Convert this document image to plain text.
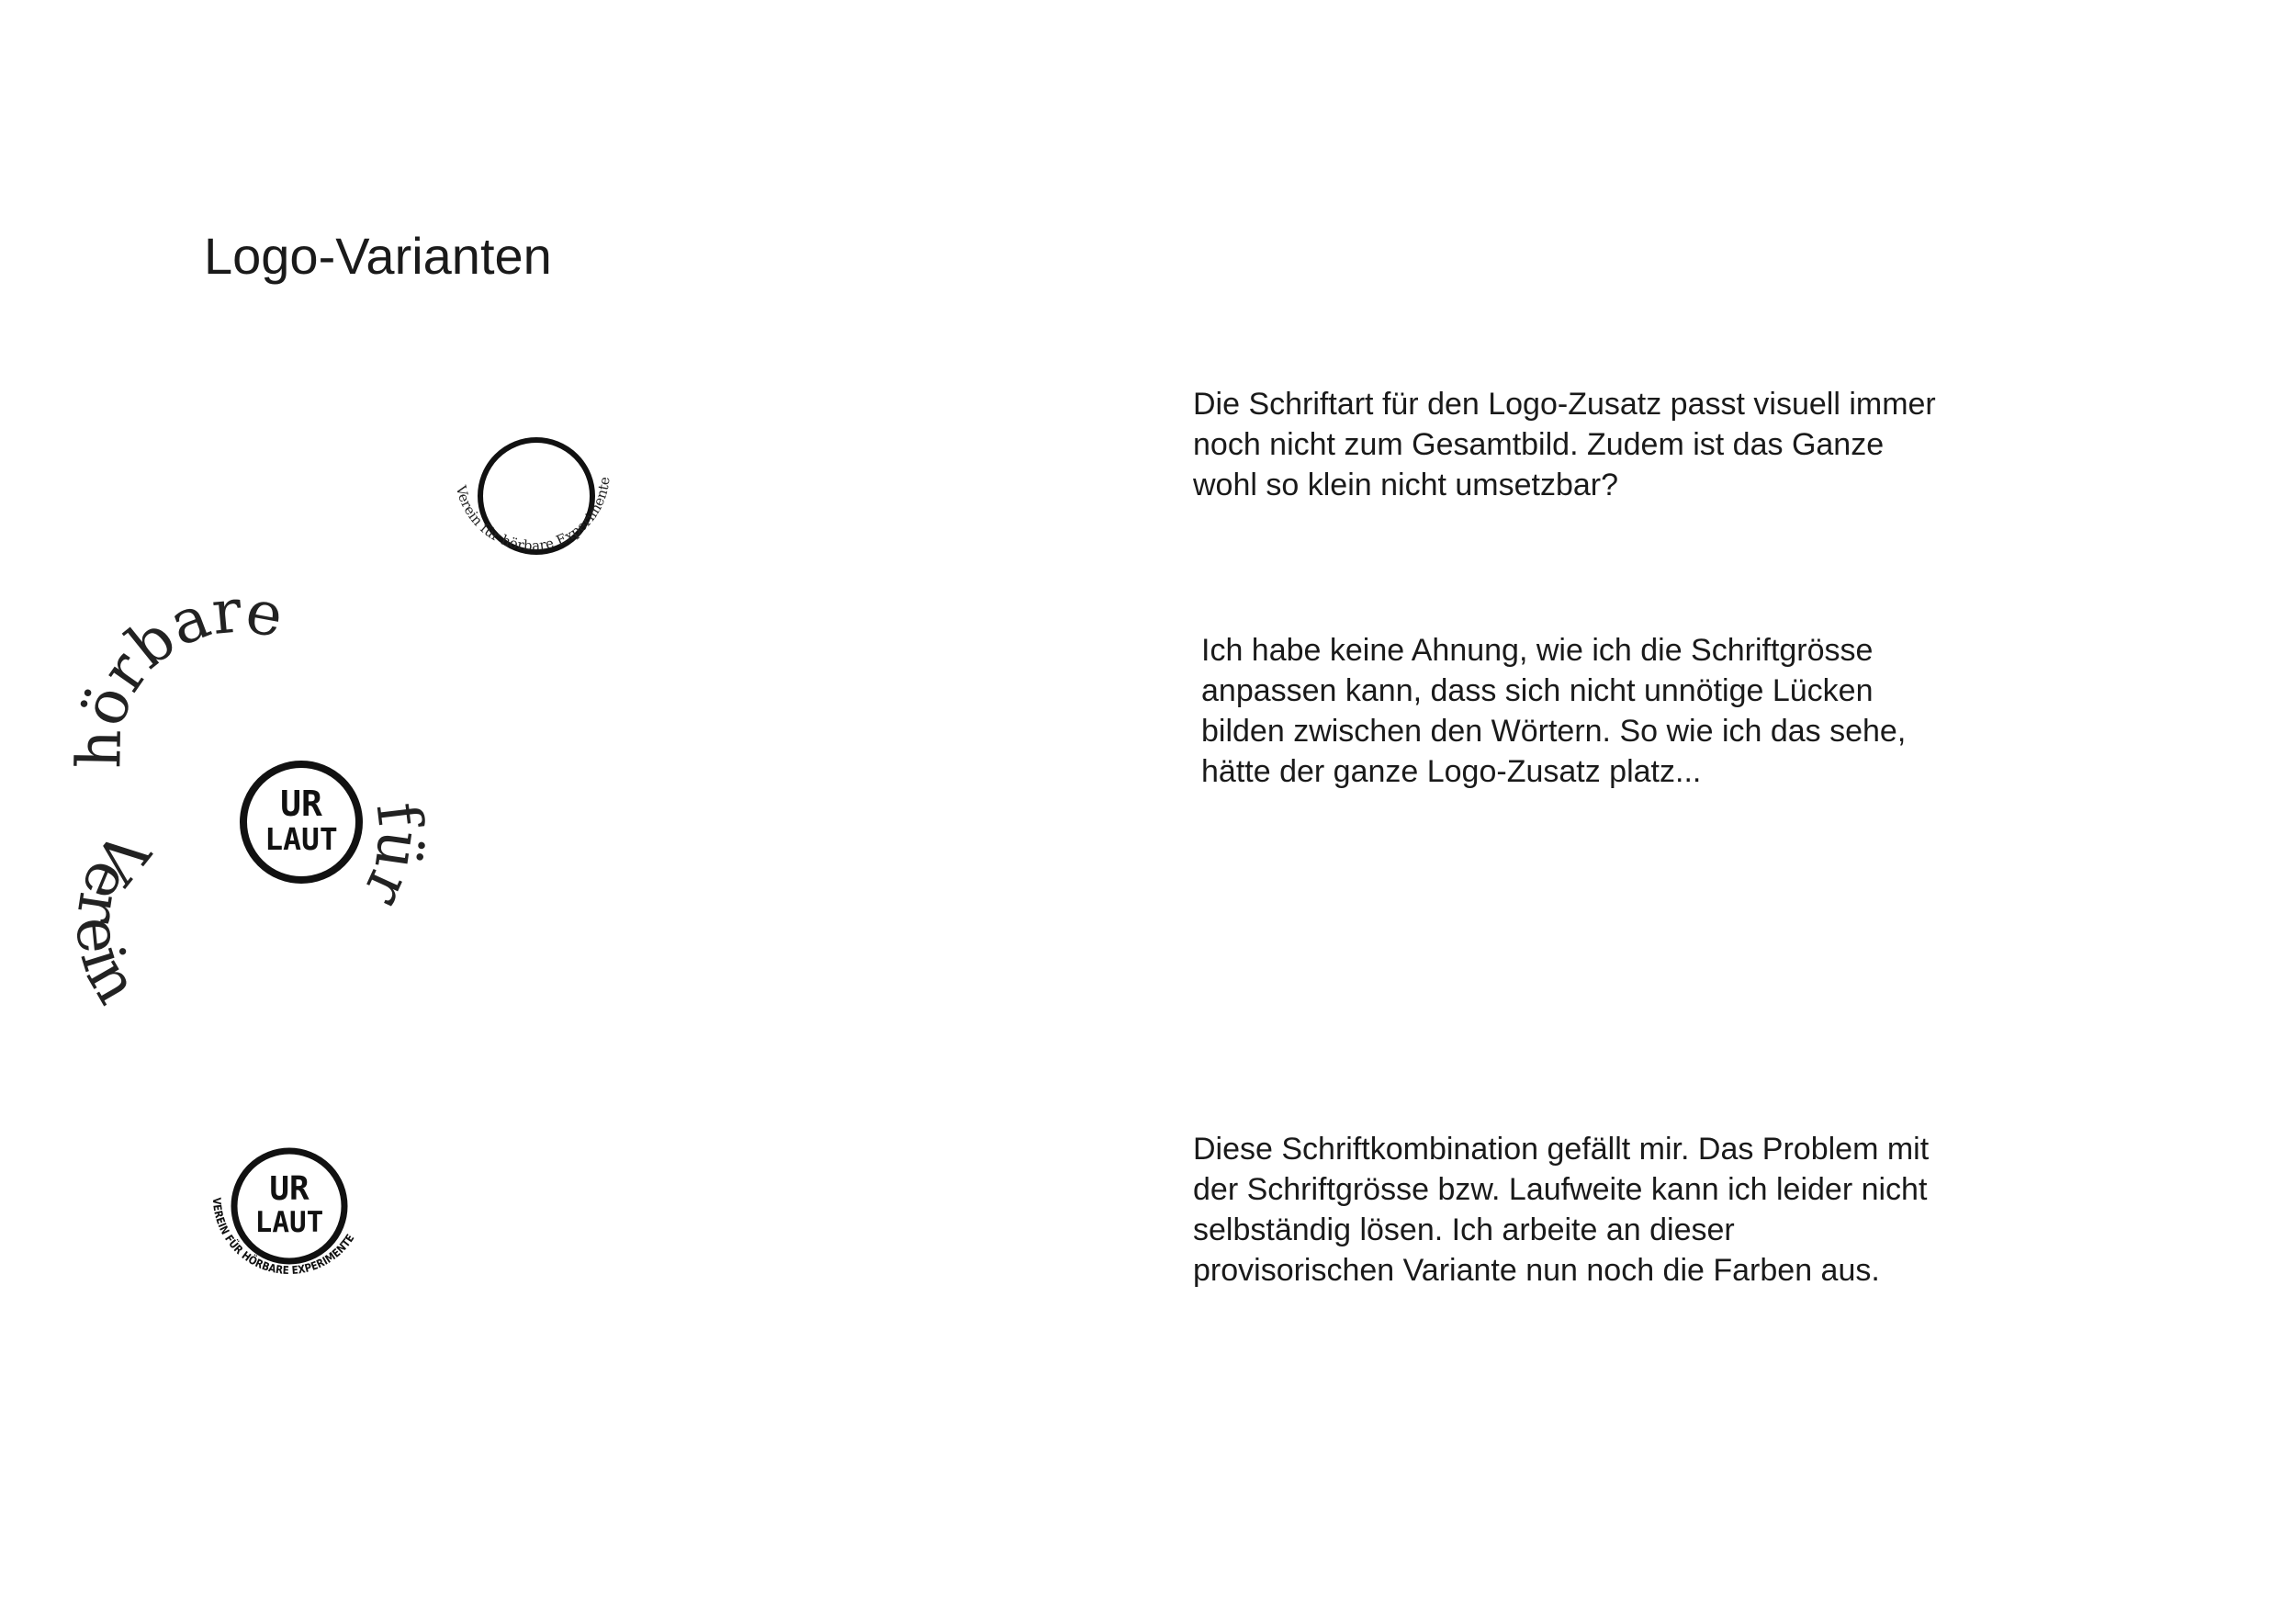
Logo-Varianten
Verein für hörbare Experimente
UR
LAUT
hörbare
für
Verein
UR
LAUT
VEREIN FÜR HÖRBARE EXPERIMENTE
Die Schriftart für den Logo-Zusatz passt visuell immer
noch nicht zum Gesamtbild. Zudem ist das Ganze
wohl so klein nicht umsetzbar?
Ich habe keine Ahnung, wie ich die Schriftgrösse
anpassen kann, dass sich nicht unnötige Lücken
bilden zwischen den Wörtern. So wie ich das sehe,
hätte der ganze Logo-Zusatz platz...
Diese Schriftkombination gefällt mir. Das Problem mit
der Schriftgrösse bzw. Laufweite kann ich leider nicht
selbständig lösen. Ich arbeite an dieser
provisorischen Variante nun noch die Farben aus.
